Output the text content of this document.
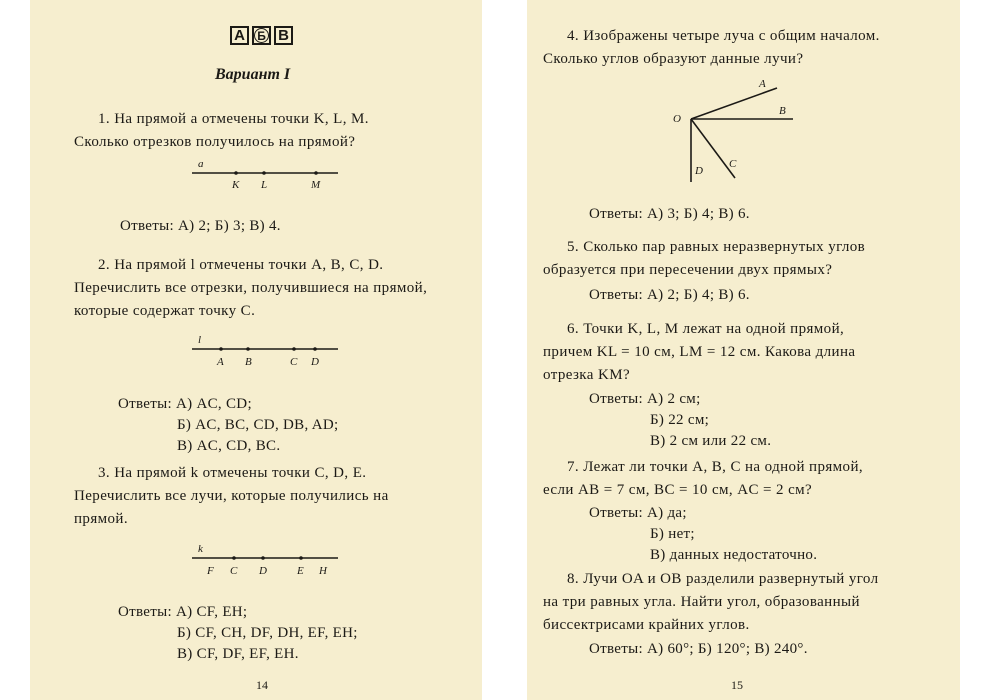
А	Б В
Вариант I
1. На прямой a отмечены точки K, L, M.
Сколько отрезков получилось на прямой?
a
K L	M
Ответы: А) 2; Б) 3; В) 4.
2. На прямой l отмечены точки A, B, C, D.
Перечислить все отрезки, получившиеся на прямой,
которые содержат точку C.
l
A B	C D
Ответы: А) AC, CD;
Б) AC, BC, CD, DB, AD;
В) AC, CD, BC.
3. На прямой k отмечены точки C, D, E.
Перечислить все лучи, которые получились на
прямой.
k
F C D	E H
Ответы: А) CF, EH;
Б) CF, CH, DF, DH, EF, EH;
В) CF, DF, EF, EH.
14
4. Изображены четыре луча с общим началом.
Сколько углов образуют данные лучи?
O
A
B
C
D
Ответы: А) 3; Б) 4; В) 6.
5. Сколько пар равных неразвернутых углов
образуется при пересечении двух прямых?
Ответы: А) 2; Б) 4; В) 6.
6. Точки K, L, M лежат на одной прямой,
причем KL = 10 см, LM = 12 см. Какова длина
отрезка KM?
Ответы: А) 2 см;
Б) 22 см;
В) 2 см или 22 см.
7. Лежат ли точки A, B, C на одной прямой,
если AB = 7 см, BC = 10 см, AC = 2 см?
Ответы: А) да;
Б) нет;
В) данных недостаточно.
8. Лучи OA и OB разделили развернутый угол
на три равных угла. Найти угол, образованный
биссектрисами крайних углов.
Ответы: А) 60°; Б) 120°; В) 240°.
15
